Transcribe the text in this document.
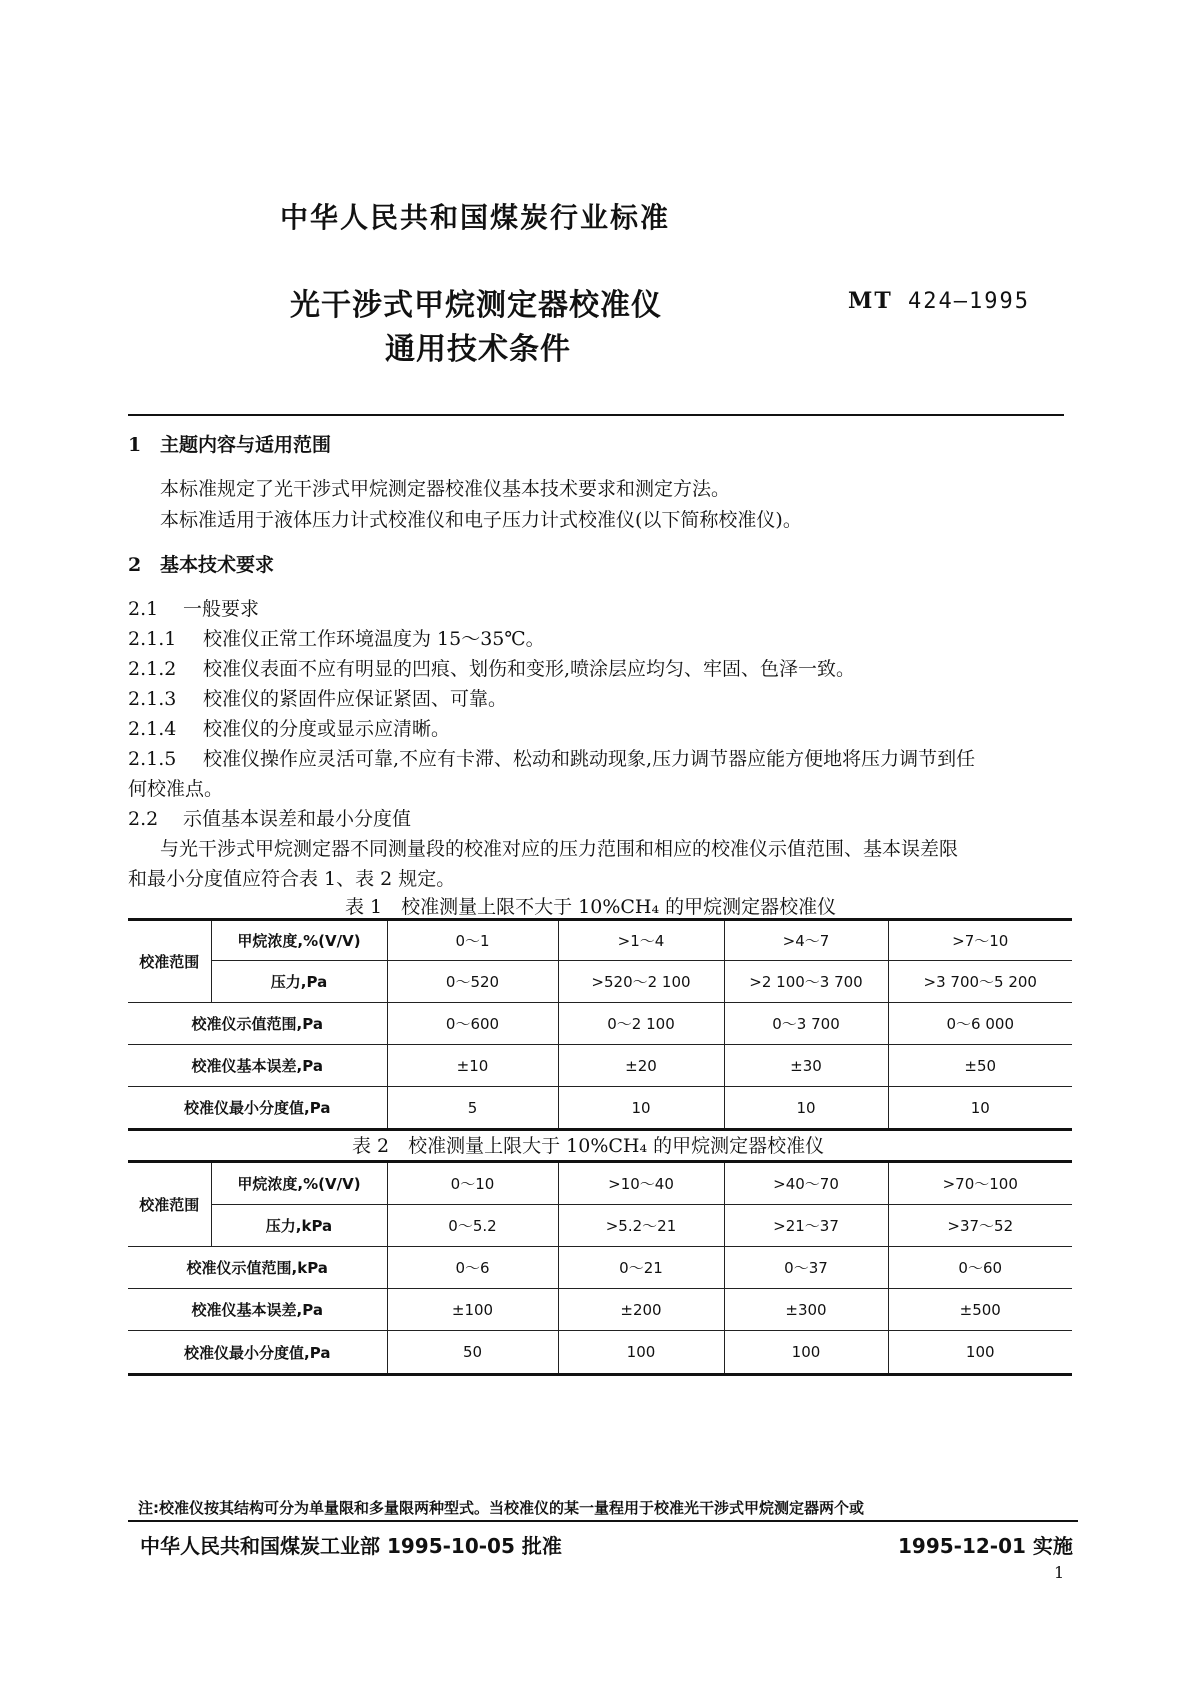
中华人民共和国煤炭行业标准
光干涉式甲烷测定器校准仪
通用技术条件
MT 424—1995
1 主题内容与适用范围
本标准规定了光干涉式甲烷测定器校准仪基本技术要求和测定方法。
本标准适用于液体压力计式校准仪和电子压力计式校准仪(以下简称校准仪)。
2 基本技术要求
2.1 一般要求
2.1.1 校准仪正常工作环境温度为 15～35℃。
2.1.2 校准仪表面不应有明显的凹痕、划伤和变形,喷涂层应均匀、牢固、色泽一致。
2.1.3 校准仪的紧固件应保证紧固、可靠。
2.1.4 校准仪的分度或显示应清晰。
2.1.5 校准仪操作应灵活可靠,不应有卡滞、松动和跳动现象,压力调节器应能方便地将压力调节到任
何校准点。
2.2 示值基本误差和最小分度值
与光干涉式甲烷测定器不同测量段的校准对应的压力范围和相应的校准仪示值范围、基本误差限
和最小分度值应符合表 1、表 2 规定。
表 1　校准测量上限不大于 10%CH₄ 的甲烷测定器校准仪
校准范围	甲烷浓度,%(V/V)	0～1	>1～4	>4～7	>7～10
	压力,Pa	0～520	>520～2 100	>2 100～3 700	>3 700～5 200
校准仪示值范围,Pa		0～600	0～2 100	0～3 700	0～6 000
校准仪基本误差,Pa		±10	±20	±30	±50
校准仪最小分度值,Pa		5	10	10	10
表 2　校准测量上限大于 10%CH₄ 的甲烷测定器校准仪
校准范围	甲烷浓度,%(V/V)	0～10	>10～40	>40～70	>70～100
	压力,kPa	0～5.2	>5.2～21	>21～37	>37～52
校准仪示值范围,kPa		0～6	0～21	0～37	0～60
校准仪基本误差,Pa		±100	±200	±300	±500
校准仪最小分度值,Pa		50	100	100	100
注:校准仪按其结构可分为单量限和多量限两种型式。当校准仪的某一量程用于校准光干涉式甲烷测定器两个或
中华人民共和国煤炭工业部 1995-10-05 批准	1995-12-01 实施
1
